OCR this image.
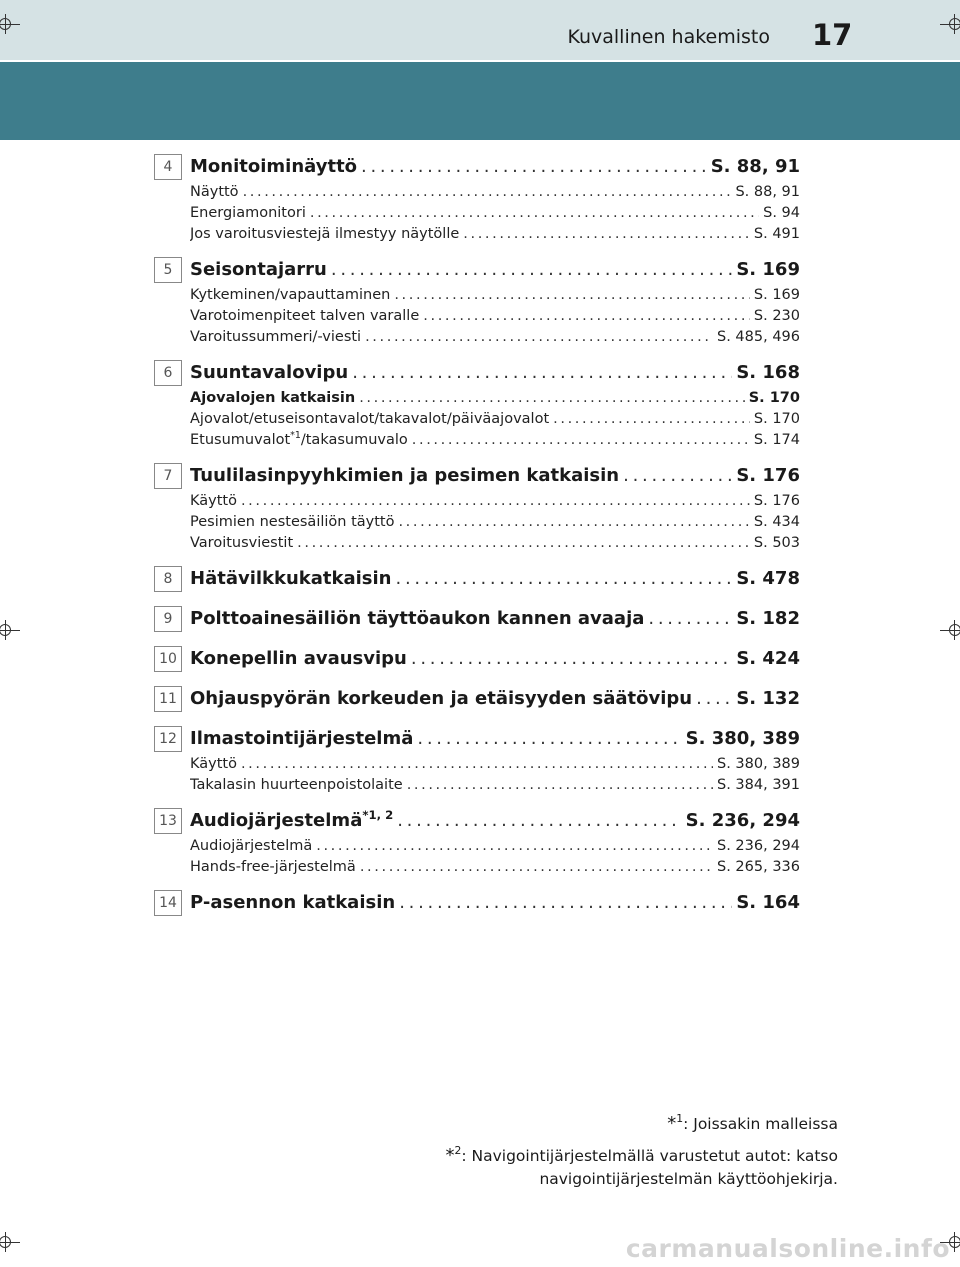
Kuvallinen hakemisto 17
4 Monitoiminäyttö . . .	S. 88, 91
Näyttö . . .	S. 88, 91
Energiamonitori . . .	S. 94
Jos varoitusviestejä ilmestyy näytölle . . .	S. 491
5 Seisontajarru . . .	S. 169
Kytkeminen/vapauttaminen . . .	S. 169
Varotoimenpiteet talven varalle . . .	S. 230
Varoitussummeri/-viesti . . .	S. 485, 496
6 Suuntavalovipu . . .	S. 168
Ajovalojen katkaisin . . .	S. 170
Ajovalot/etuseisontavalot/takavalot/päiväajovalot . . .	S. 170
Etusumuvalot$^{*1}$/takasumuvalo . . .	S. 174
7 Tuulilasinpyyhkimien ja pesimen katkaisin . . .	S. 176
Käyttö . . .	S. 176
Pesimien nestesäiliön täyttö . . .	S. 434
Varoitusviestit . . .	S. 503
8 Hätävilkkukatkaisin . . .	S. 478
9 Polttoainesäiliön täyttöaukon kannen avaaja . . .	S. 182
10 Konepellin avausvipu . . .	S. 424
11 Ohjauspyörän korkeuden ja etäisyyden säätövipu . . . S. 132
12 Ilmastointijärjestelmä . . .	S. 380, 389
Käyttö . . .	S. 380, 389
Takalasin huurteenpoistolaite . . .	S. 384, 391
13 Audiojärjestelmä$^{*1, 2}$ . . .	S. 236, 294
Audiojärjestelmä . . .	S. 236, 294
Hands-free-järjestelmä . . .	S. 265, 336
14 P-asennon katkaisin . . .	S. 164
*$^1$: Joissakin malleissa
*$^2$: Navigointijärjestelmällä varustetut autot: katso navigointijärjestelmän käyttöohjekirja.
carmanualsonline.info
